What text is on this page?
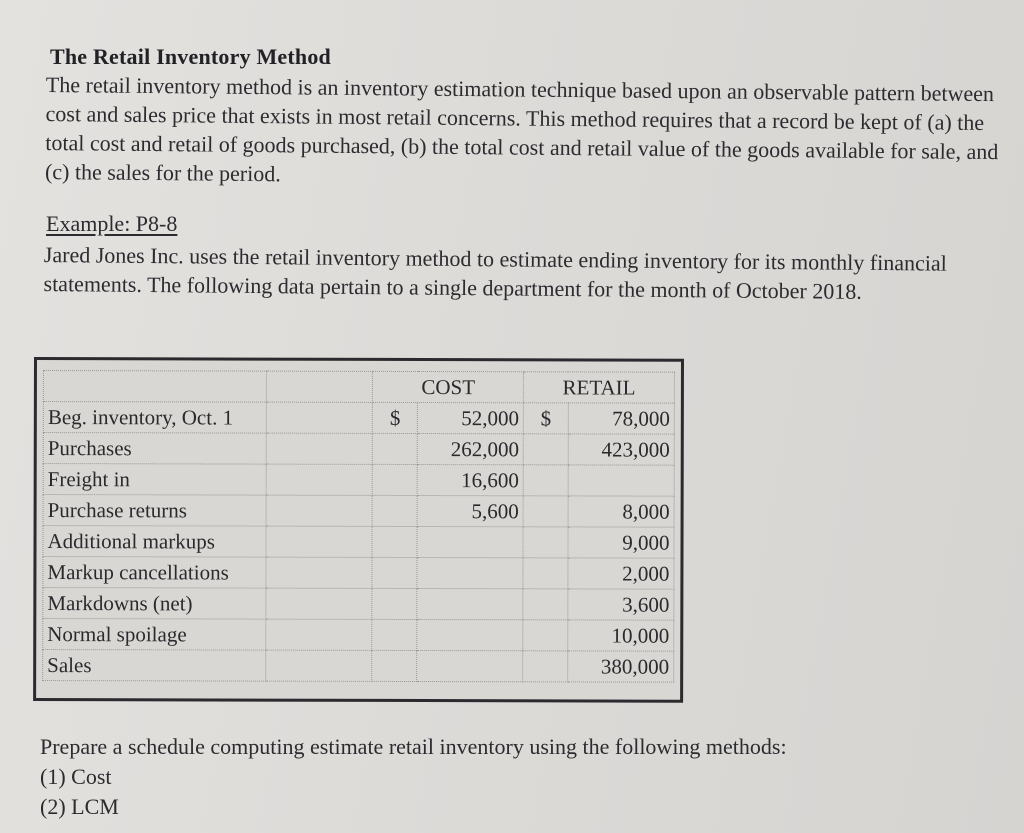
The Retail Inventory Method
The retail inventory method is an inventory estimation technique based upon an observable pattern between cost and sales price that exists in most retail concerns. This method requires that a record be kept of (a) the total cost and retail of goods purchased, (b) the total cost and retail value of the goods available for sale, and (c) the sales for the period.
Example: P8-8
Jared Jones Inc. uses the retail inventory method to estimate ending inventory for its monthly financial statements. The following data pertain to a single department for the month of October 2018.
		COST		RETAIL	
Beg. inventory, Oct. 1		$	52,000	$	78,000
Purchases			262,000		423,000
Freight in			16,600		
Purchase returns			5,600		8,000
Additional markups					9,000
Markup cancellations					2,000
Markdowns (net)					3,600
Normal spoilage					10,000
Sales					380,000
Prepare a schedule computing estimate retail inventory using the following methods:
(1) Cost
(2) LCM
